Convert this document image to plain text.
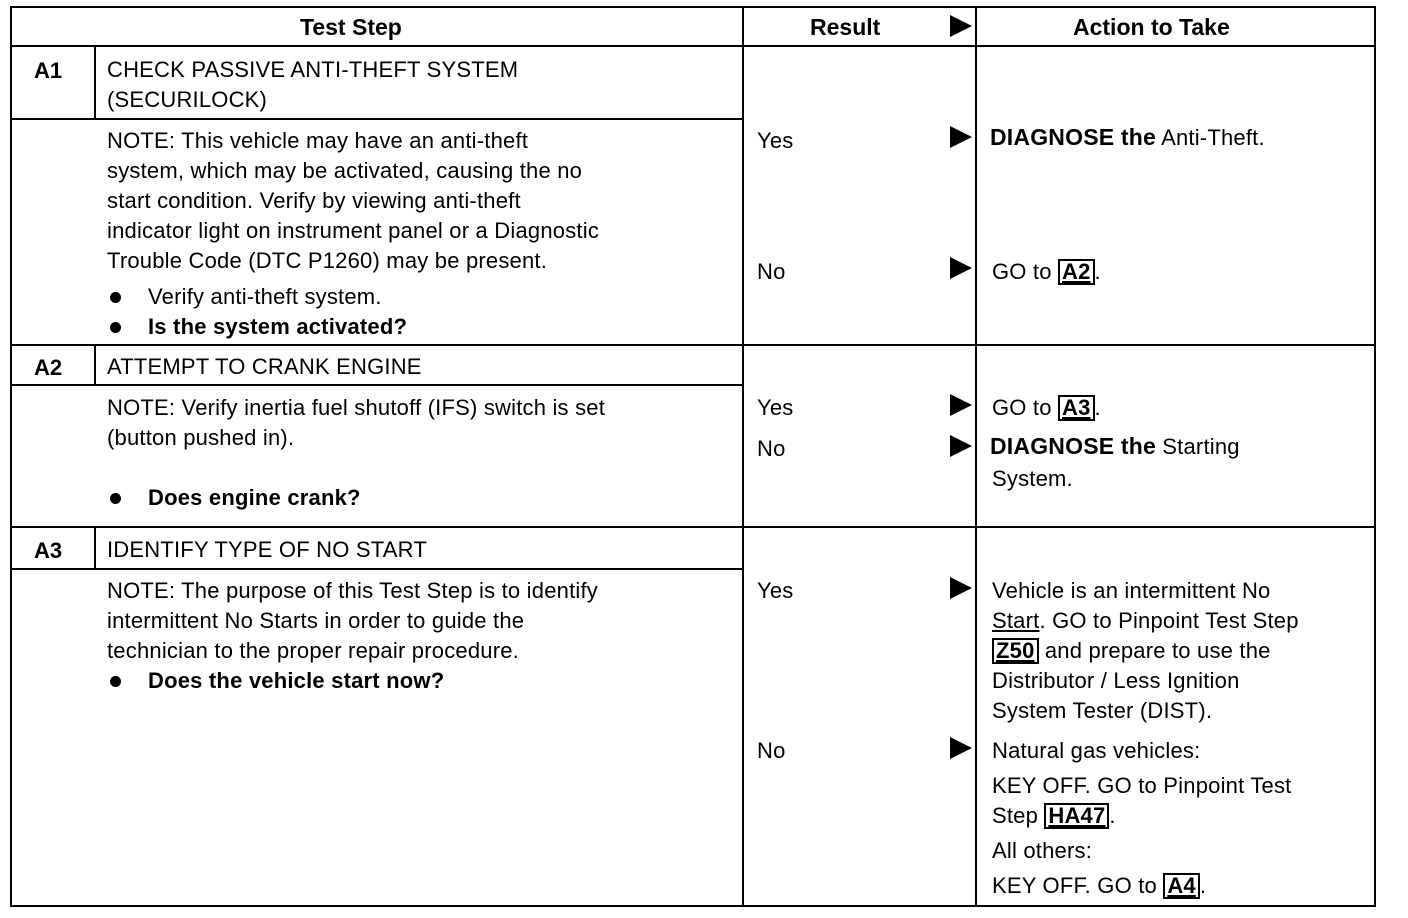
Test Step	Result	Action to Take
A1 CHECK PASSIVE ANTI-THEFT SYSTEM
(SECURILOCK)
NOTE: This vehicle may have an anti-theft
system, which may be activated, causing the no
start condition. Verify by viewing anti-theft
indicator light on instrument panel or a Diagnostic
Trouble Code (DTC P1260) may be present.
Verify anti-theft system.
Is the system activated?
Yes	DIAGNOSE the Anti-Theft.
No	GO to A2 .
A2 ATTEMPT TO CRANK ENGINE
NOTE: Verify inertia fuel shutoff (IFS) switch is set
(button pushed in).
Does engine crank?
Yes	GO to A3 .
No	DIAGNOSE the Starting
System.
A3 IDENTIFY TYPE OF NO START
NOTE: The purpose of this Test Step is to identify
intermittent No Starts in order to guide the
technician to the proper repair procedure.
Does the vehicle start now?
Yes	Vehicle is an intermittent No
Start. GO to Pinpoint Test Step
Z50 and prepare to use the
Distributor / Less Ignition
System Tester (DIST).
No	Natural gas vehicles:
KEY OFF. GO to Pinpoint Test
Step HA47 .
All others:
KEY OFF. GO to A4 .
